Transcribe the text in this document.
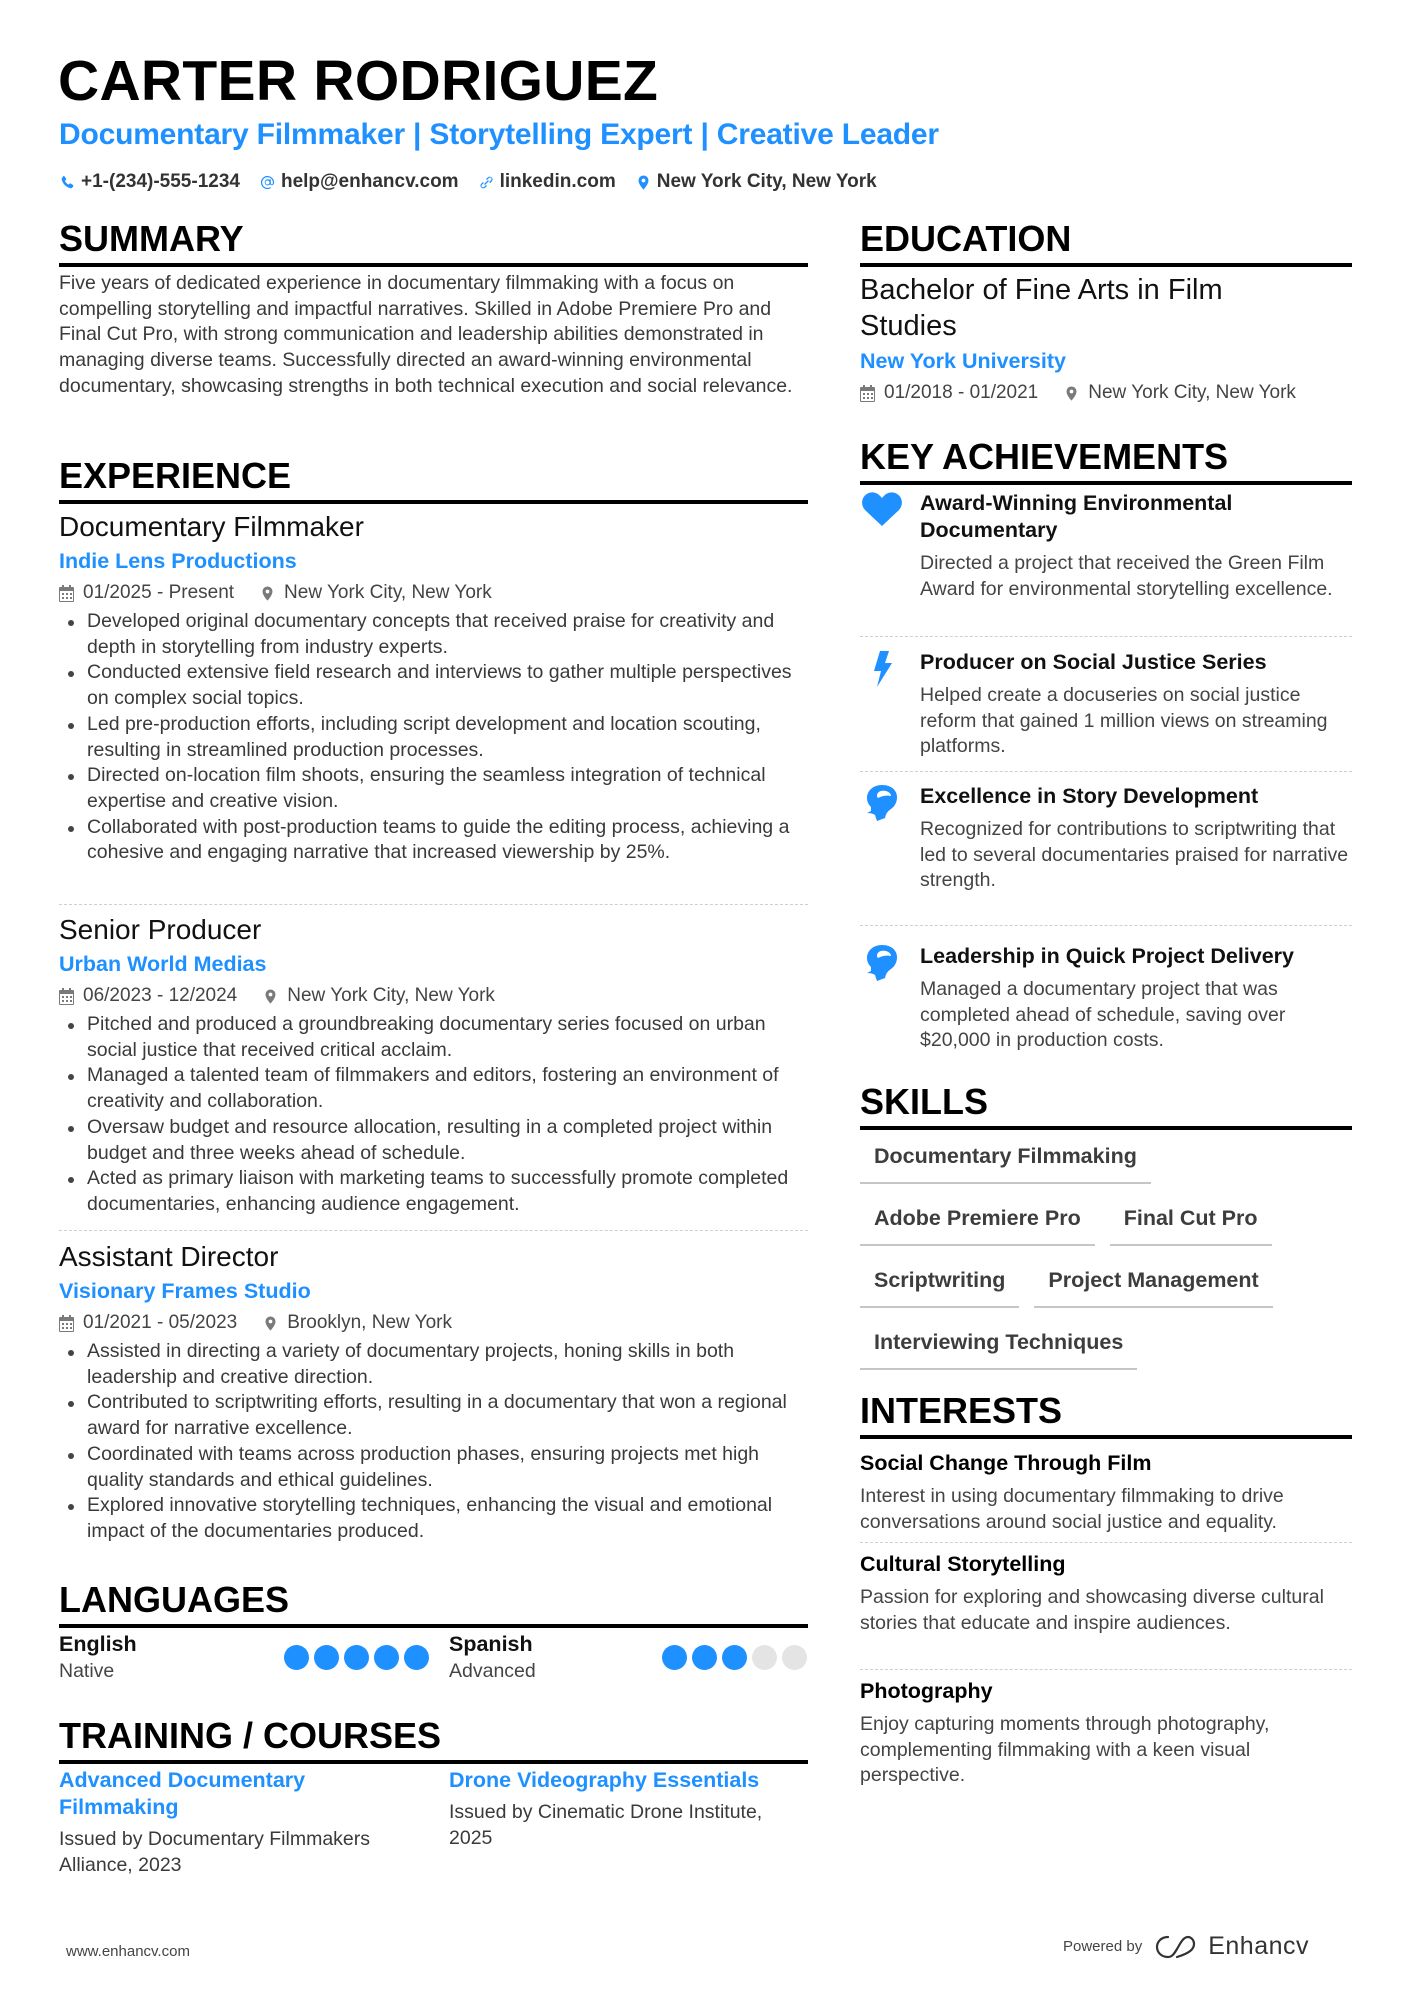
CARTER RODRIGUEZ
Documentary Filmmaker | Storytelling Expert | Creative Leader
+1-(234)-555-1234 help@enhancv.com linkedin.com New York City, New York
SUMMARY
Five years of dedicated experience in documentary filmmaking with a focus on compelling storytelling and impactful narratives. Skilled in Adobe Premiere Pro and Final Cut Pro, with strong communication and leadership abilities demonstrated in managing diverse teams. Successfully directed an award-winning environmental documentary, showcasing strengths in both technical execution and social relevance.
EXPERIENCE
Documentary Filmmaker
Indie Lens Productions
01/2025 - Present	New York City, New York
Developed original documentary concepts that received praise for creativity and depth in storytelling from industry experts.
Conducted extensive field research and interviews to gather multiple perspectives on complex social topics.
Led pre-production efforts, including script development and location scouting, resulting in streamlined production processes.
Directed on-location film shoots, ensuring the seamless integration of technical expertise and creative vision.
Collaborated with post-production teams to guide the editing process, achieving a cohesive and engaging narrative that increased viewership by 25%.
Senior Producer
Urban World Medias
06/2023 - 12/2024	New York City, New York
Pitched and produced a groundbreaking documentary series focused on urban social justice that received critical acclaim.
Managed a talented team of filmmakers and editors, fostering an environment of creativity and collaboration.
Oversaw budget and resource allocation, resulting in a completed project within budget and three weeks ahead of schedule.
Acted as primary liaison with marketing teams to successfully promote completed documentaries, enhancing audience engagement.
Assistant Director
Visionary Frames Studio
01/2021 - 05/2023	Brooklyn, New York
Assisted in directing a variety of documentary projects, honing skills in both leadership and creative direction.
Contributed to scriptwriting efforts, resulting in a documentary that won a regional award for narrative excellence.
Coordinated with teams across production phases, ensuring projects met high quality standards and ethical guidelines.
Explored innovative storytelling techniques, enhancing the visual and emotional impact of the documentaries produced.
LANGUAGES
English
Native
Spanish
Advanced
TRAINING / COURSES
Advanced Documentary Filmmaking
Issued by Documentary Filmmakers Alliance, 2023
Drone Videography Essentials
Issued by Cinematic Drone Institute, 2025
EDUCATION
Bachelor of Fine Arts in Film Studies
New York University
01/2018 - 01/2021	New York City, New York
KEY ACHIEVEMENTS
Award-Winning Environmental Documentary
Directed a project that received the Green Film Award for environmental storytelling excellence.
Producer on Social Justice Series
Helped create a docuseries on social justice reform that gained 1 million views on streaming platforms.
Excellence in Story Development
Recognized for contributions to scriptwriting that led to several documentaries praised for narrative strength.
Leadership in Quick Project Delivery
Managed a documentary project that was completed ahead of schedule, saving over $20,000 in production costs.
SKILLS
Documentary Filmmaking
Adobe Premiere Pro	Final Cut Pro
Scriptwriting	Project Management
Interviewing Techniques
INTERESTS
Social Change Through Film
Interest in using documentary filmmaking to drive conversations around social justice and equality.
Cultural Storytelling
Passion for exploring and showcasing diverse cultural stories that educate and inspire audiences.
Photography
Enjoy capturing moments through photography, complementing filmmaking with a keen visual perspective.
www.enhancv.com	Powered by	Enhancv
